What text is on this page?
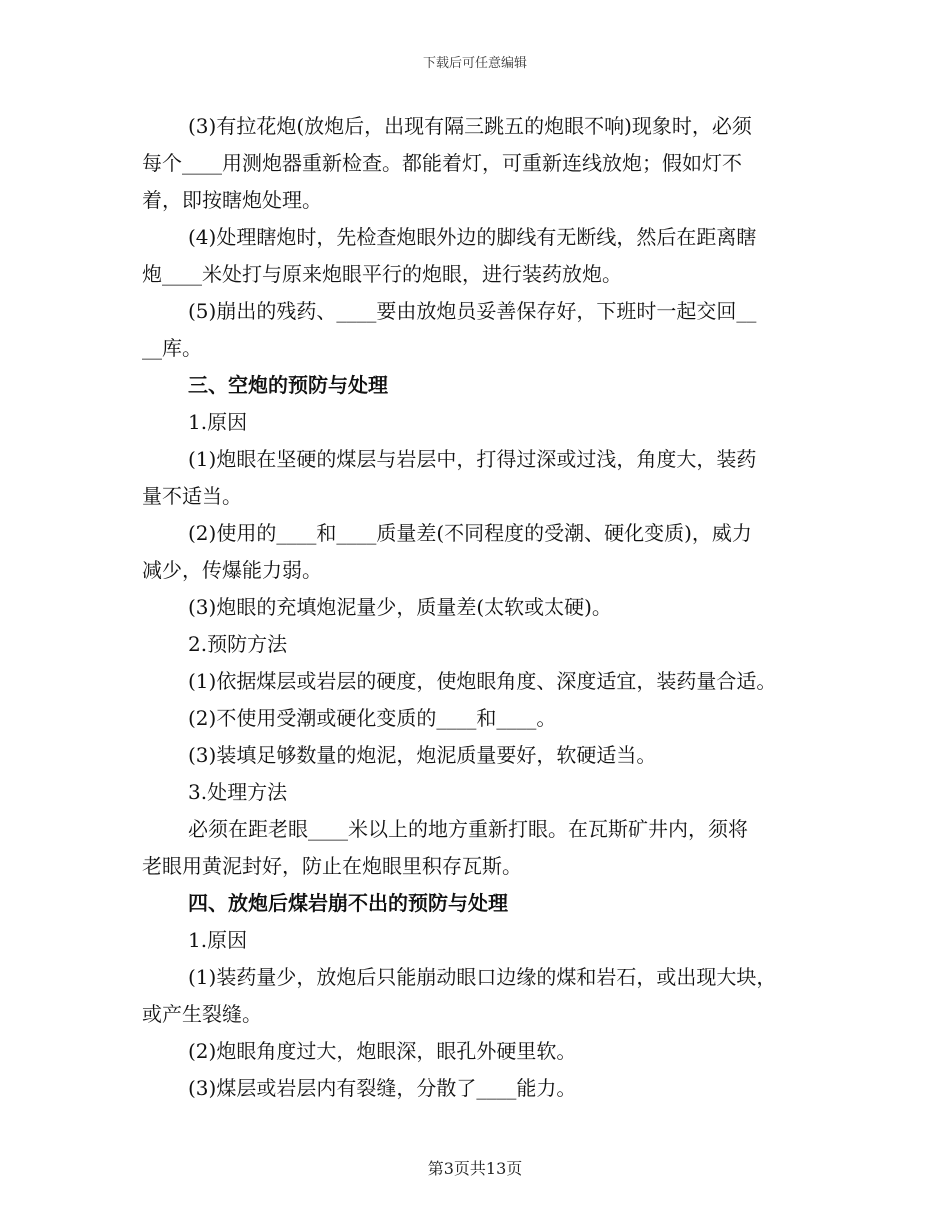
下载后可任意编辑
(3)有拉花炮(放炮后，出现有隔三跳五的炮眼不响)现象时，必须
每个____用测炮器重新检查。都能着灯，可重新连线放炮；假如灯不
着，即按瞎炮处理。
(4)处理瞎炮时，先检查炮眼外边的脚线有无断线，然后在距离瞎
炮____米处打与原来炮眼平行的炮眼，进行装药放炮。
(5)崩出的残药、____要由放炮员妥善保存好，下班时一起交回__
__库。
三、空炮的预防与处理
1.原因
(1)炮眼在坚硬的煤层与岩层中，打得过深或过浅，角度大，装药
量不适当。
(2)使用的____和____质量差(不同程度的受潮、硬化变质)，威力
减少，传爆能力弱。
(3)炮眼的充填炮泥量少，质量差(太软或太硬)。
2.预防方法
(1)依据煤层或岩层的硬度，使炮眼角度、深度适宜，装药量合适。
(2)不使用受潮或硬化变质的____和____。
(3)装填足够数量的炮泥，炮泥质量要好，软硬适当。
3.处理方法
必须在距老眼____米以上的地方重新打眼。在瓦斯矿井内，须将
老眼用黄泥封好，防止在炮眼里积存瓦斯。
四、放炮后煤岩崩不出的预防与处理
1.原因
(1)装药量少，放炮后只能崩动眼口边缘的煤和岩石，或出现大块，
或产生裂缝。
(2)炮眼角度过大，炮眼深，眼孔外硬里软。
(3)煤层或岩层内有裂缝，分散了____能力。
第3页共13页
